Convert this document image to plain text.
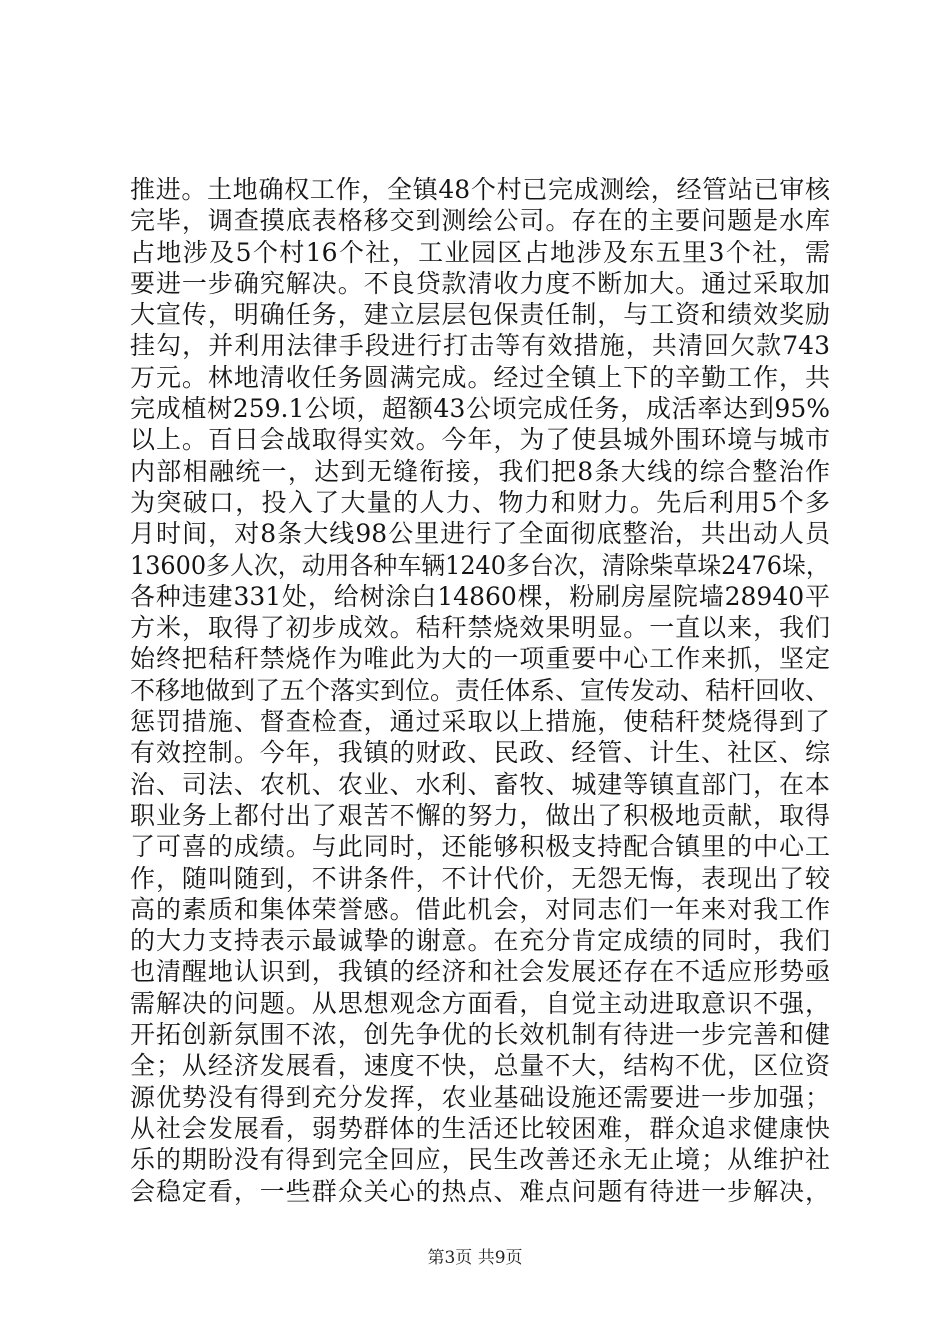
推进。土地确权工作，全镇48个村已完成测绘，经管站已审核
完毕，调查摸底表格移交到测绘公司。存在的主要问题是水库
占地涉及5个村16个社，工业园区占地涉及东五里3个社，需
要进一步确究解决。不良贷款清收力度不断加大。通过采取加
大宣传，明确任务，建立层层包保责任制，与工资和绩效奖励
挂勾，并利用法律手段进行打击等有效措施，共清回欠款743
万元。林地清收任务圆满完成。经过全镇上下的辛勤工作，共
完成植树259.1公顷，超额43公顷完成任务，成活率达到95%
以上。百日会战取得实效。今年，为了使县城外围环境与城市
内部相融统一，达到无缝衔接，我们把8条大线的综合整治作
为突破口，投入了大量的人力、物力和财力。先后利用5个多
月时间，对8条大线98公里进行了全面彻底整治，共出动人员
13600多人次，动用各种车辆1240多台次，清除柴草垛2476垛，
各种违建331处，给树涂白14860棵，粉刷房屋院墙28940平
方米，取得了初步成效。秸秆禁烧效果明显。一直以来，我们
始终把秸秆禁烧作为唯此为大的一项重要中心工作来抓，坚定
不移地做到了五个落实到位。责任体系、宣传发动、秸杆回收、
惩罚措施、督查检查，通过采取以上措施，使秸秆焚烧得到了
有效控制。今年，我镇的财政、民政、经管、计生、社区、综
治、司法、农机、农业、水利、畜牧、城建等镇直部门，在本
职业务上都付出了艰苦不懈的努力，做出了积极地贡献，取得
了可喜的成绩。与此同时，还能够积极支持配合镇里的中心工
作，随叫随到，不讲条件，不计代价，无怨无悔，表现出了较
高的素质和集体荣誉感。借此机会，对同志们一年来对我工作
的大力支持表示最诚挚的谢意。在充分肯定成绩的同时，我们
也清醒地认识到，我镇的经济和社会发展还存在不适应形势亟
需解决的问题。从思想观念方面看，自觉主动进取意识不强，
开拓创新氛围不浓，创先争优的长效机制有待进一步完善和健
全；从经济发展看，速度不快，总量不大，结构不优，区位资
源优势没有得到充分发挥，农业基础设施还需要进一步加强；
从社会发展看，弱势群体的生活还比较困难，群众追求健康快
乐的期盼没有得到完全回应，民生改善还永无止境；从维护社
会稳定看，一些群众关心的热点、难点问题有待进一步解决，
第3页 共9页
